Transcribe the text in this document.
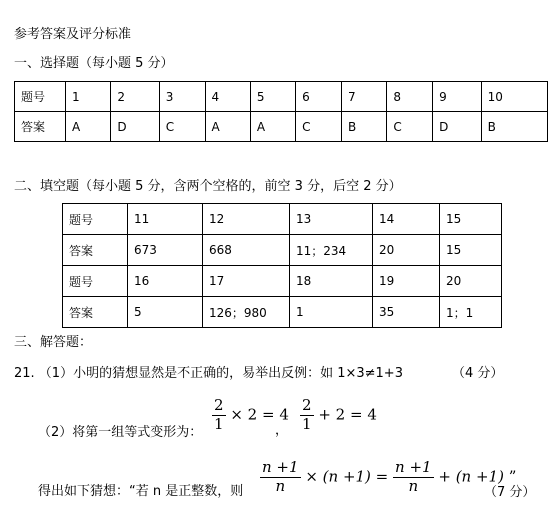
参考答案及评分标准
一、选择题（每小题 5 分）
题号	1	2	3	4	5	6	7	8	9	10
答案	A	D	C	A	A	C	B	C	D	B
二、填空题（每小题 5 分，含两个空格的，前空 3 分，后空 2 分）
题号	11	12	13	14	15
答案	673	668	11；234	20	15
题号	16	17	18	19	20
答案	5	126；980	1	35	1；1
三、解答题：
21. （1）小明的猜想显然是不正确的，易举出反例：如 1×3≠1+3	（4 分）
（2）将第一组等式变形为： $\frac{2}{1} \times 2 = 4$
， $\frac{2}{1} + 2 = 4$
得出如下猜想：“若 n 是正整数，则 $\frac{n +1}{n} \times (n +1) = \frac{n +1}{n} + (n +1)$ ”
（7 分）
